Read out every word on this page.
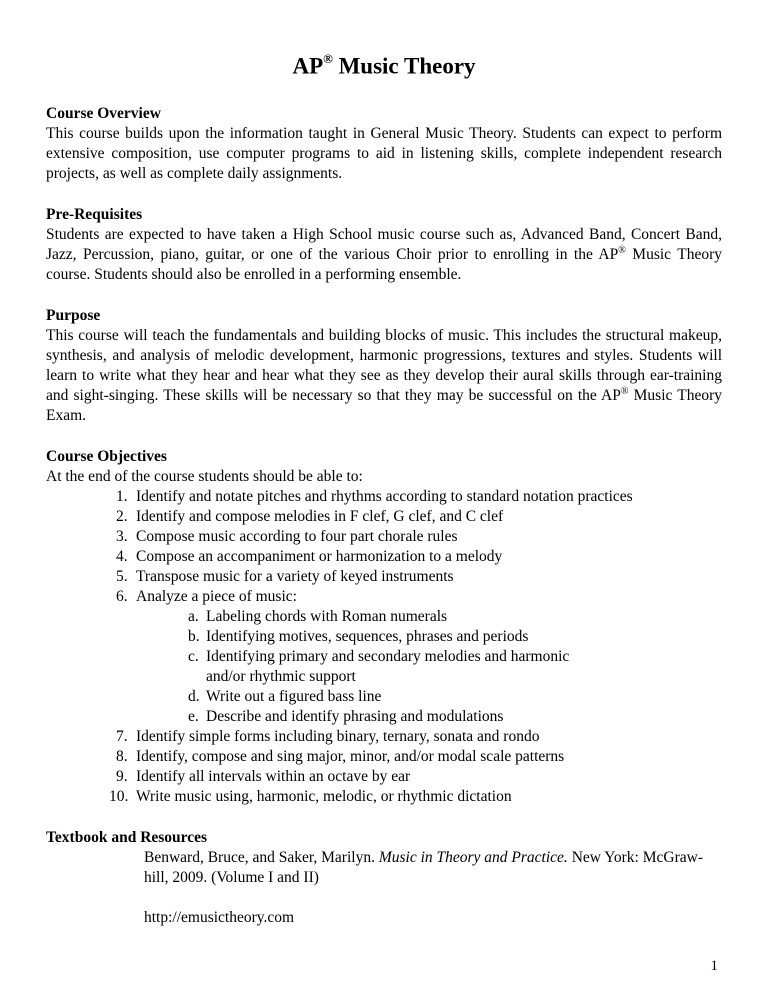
AP® Music Theory
Course Overview

This course builds upon the information taught in General Music Theory. Students can expect to perform extensive composition, use computer programs to aid in listening skills, complete independent research projects, as well as complete daily assignments.

Pre-Requisites

Students are expected to have taken a High School music course such as, Advanced Band, Concert Band, Jazz, Percussion, piano, guitar, or one of the various Choir prior to enrolling in the AP® Music Theory course. Students should also be enrolled in a performing ensemble.

Purpose

This course will teach the fundamentals and building blocks of music. This includes the structural makeup, synthesis, and analysis of melodic development, harmonic progressions, textures and styles. Students will learn to write what they hear and hear what they see as they develop their aural skills through ear-training and sight-singing. These skills will be necessary so that they may be successful on the AP® Music Theory Exam.

Course Objectives

At the end of the course students should be able to:

1. Identify and notate pitches and rhythms according to standard notation practices
2. Identify and compose melodies in F clef, G clef, and C clef
3. Compose music according to four part chorale rules
4. Compose an accompaniment or harmonization to a melody
5. Transpose music for a variety of keyed instruments
6. Analyze a piece of music:
a. Labeling chords with Roman numerals
b. Identifying motives, sequences, phrases and periods
c. Identifying primary and secondary melodies and harmonic and/or rhythmic support
d. Write out a figured bass line
e. Describe and identify phrasing and modulations
7. Identify simple forms including binary, ternary, sonata and rondo
8. Identify, compose and sing major, minor, and/or modal scale patterns
9. Identify all intervals within an octave by ear
10. Write music using, harmonic, melodic, or rhythmic dictation
Textbook and Resources

Benward, Bruce, and Saker, Marilyn. Music in Theory and Practice. New York: McGraw-hill, 2009. (Volume I and II)

http://emusictheory.com

1
